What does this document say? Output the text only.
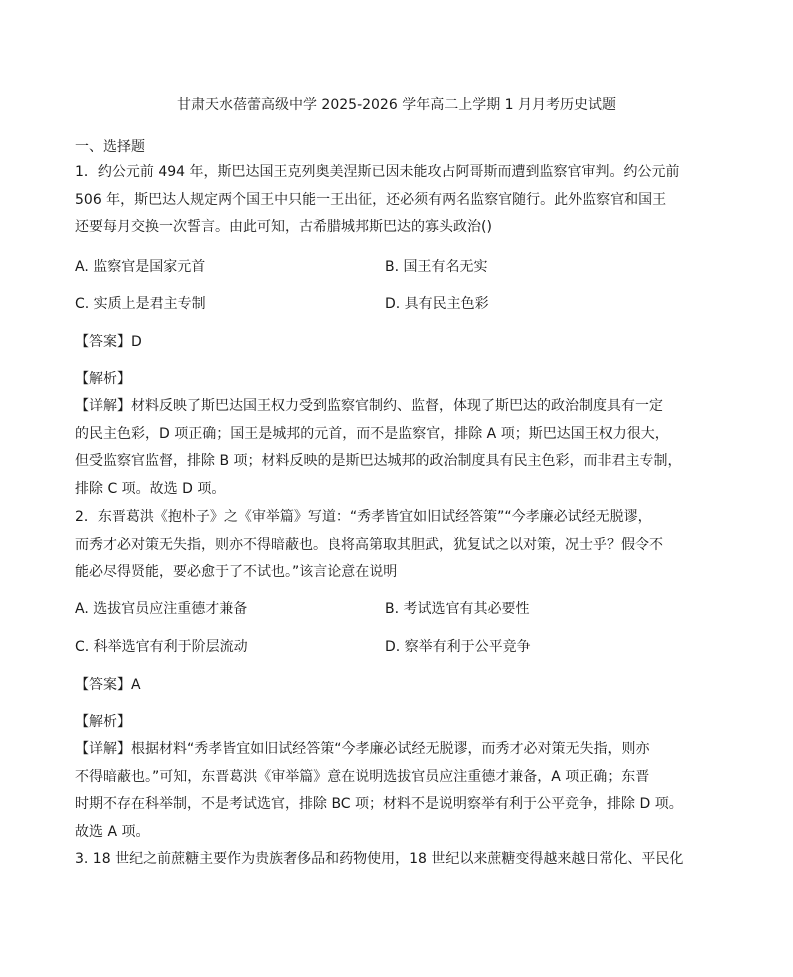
甘肃天水蓓蕾高级中学 2025-2026 学年高二上学期 1 月月考历史试题
一、选择题
1．约公元前 494 年，斯巴达国王克列奥美涅斯已因未能攻占阿哥斯而遭到监察官审判。约公元前
506 年，斯巴达人规定两个国王中只能一王出征，还必须有两名监察官随行。此外监察官和国王
还要每月交换一次誓言。由此可知，古希腊城邦斯巴达的寡头政治()
A. 监察官是国家元首	B. 国王有名无实
C. 实质上是君主专制	D. 具有民主色彩
【答案】D
【解析】
【详解】材料反映了斯巴达国王权力受到监察官制约、监督，体现了斯巴达的政治制度具有一定
的民主色彩，D 项正确；国王是城邦的元首，而不是监察官，排除 A 项；斯巴达国王权力很大，
但受监察官监督，排除 B 项；材料反映的是斯巴达城邦的政治制度具有民主色彩，而非君主专制，
排除 C 项。故选 D 项。
2．东晋葛洪《抱朴子》之《审举篇》写道：“秀孝皆宜如旧试经答策”“今孝廉必试经无脱谬，
而秀才必对策无失指，则亦不得暗蔽也。良将高第取其胆武，犹复试之以对策，况士乎？假令不
能必尽得贤能，要必愈于了不试也。”该言论意在说明
A. 选拔官员应注重德才兼备	B. 考试选官有其必要性
C. 科举选官有利于阶层流动	D. 察举有利于公平竞争
【答案】A
【解析】
【详解】根据材料“秀孝皆宜如旧试经答策“今孝廉必试经无脱谬，而秀才必对策无失指，则亦
不得暗蔽也。”可知，东晋葛洪《审举篇》意在说明选拔官员应注重德才兼备，A 项正确；东晋
时期不存在科举制，不是考试选官，排除 BC 项；材料不是说明察举有利于公平竞争，排除 D 项。
故选 A 项。
3. 18 世纪之前蔗糖主要作为贵族奢侈品和药物使用，18 世纪以来蔗糖变得越来越日常化、平民化
